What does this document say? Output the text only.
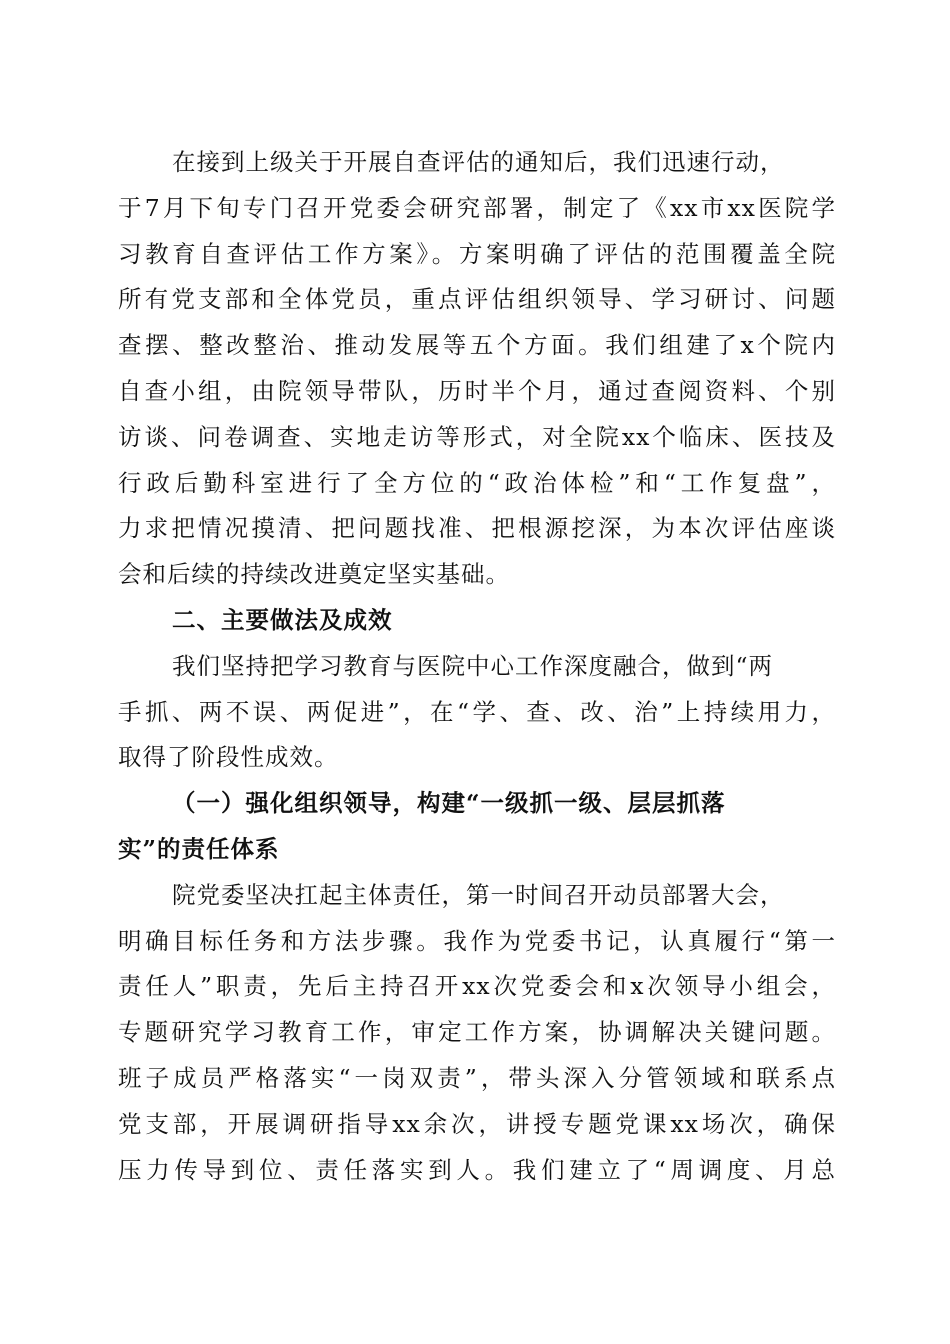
在接到上级关于开展自查评估的通知后，我们迅速行动，
于7月下旬专门召开党委会研究部署，制定了《xx市xx医院学
习教育自查评估工作方案》。方案明确了评估的范围覆盖全院
所有党支部和全体党员，重点评估组织领导、学习研讨、问题
查摆、整改整治、推动发展等五个方面。我们组建了x个院内
自查小组，由院领导带队，历时半个月，通过查阅资料、个别
访谈、问卷调查、实地走访等形式，对全院xx个临床、医技及
行政后勤科室进行了全方位的“政治体检”和“工作复盘”，
力求把情况摸清、把问题找准、把根源挖深，为本次评估座谈
会和后续的持续改进奠定坚实基础。
二、主要做法及成效
我们坚持把学习教育与医院中心工作深度融合，做到“两
手抓、两不误、两促进”，在“学、查、改、治”上持续用力，
取得了阶段性成效。
（一）强化组织领导，构建“一级抓一级、层层抓落
实”的责任体系
院党委坚决扛起主体责任，第一时间召开动员部署大会，
明确目标任务和方法步骤。我作为党委书记，认真履行“第一
责任人”职责，先后主持召开xx次党委会和x次领导小组会，
专题研究学习教育工作，审定工作方案，协调解决关键问题。
班子成员严格落实“一岗双责”，带头深入分管领域和联系点
党支部，开展调研指导xx余次，讲授专题党课xx场次，确保
压力传导到位、责任落实到人。我们建立了“周调度、月总
